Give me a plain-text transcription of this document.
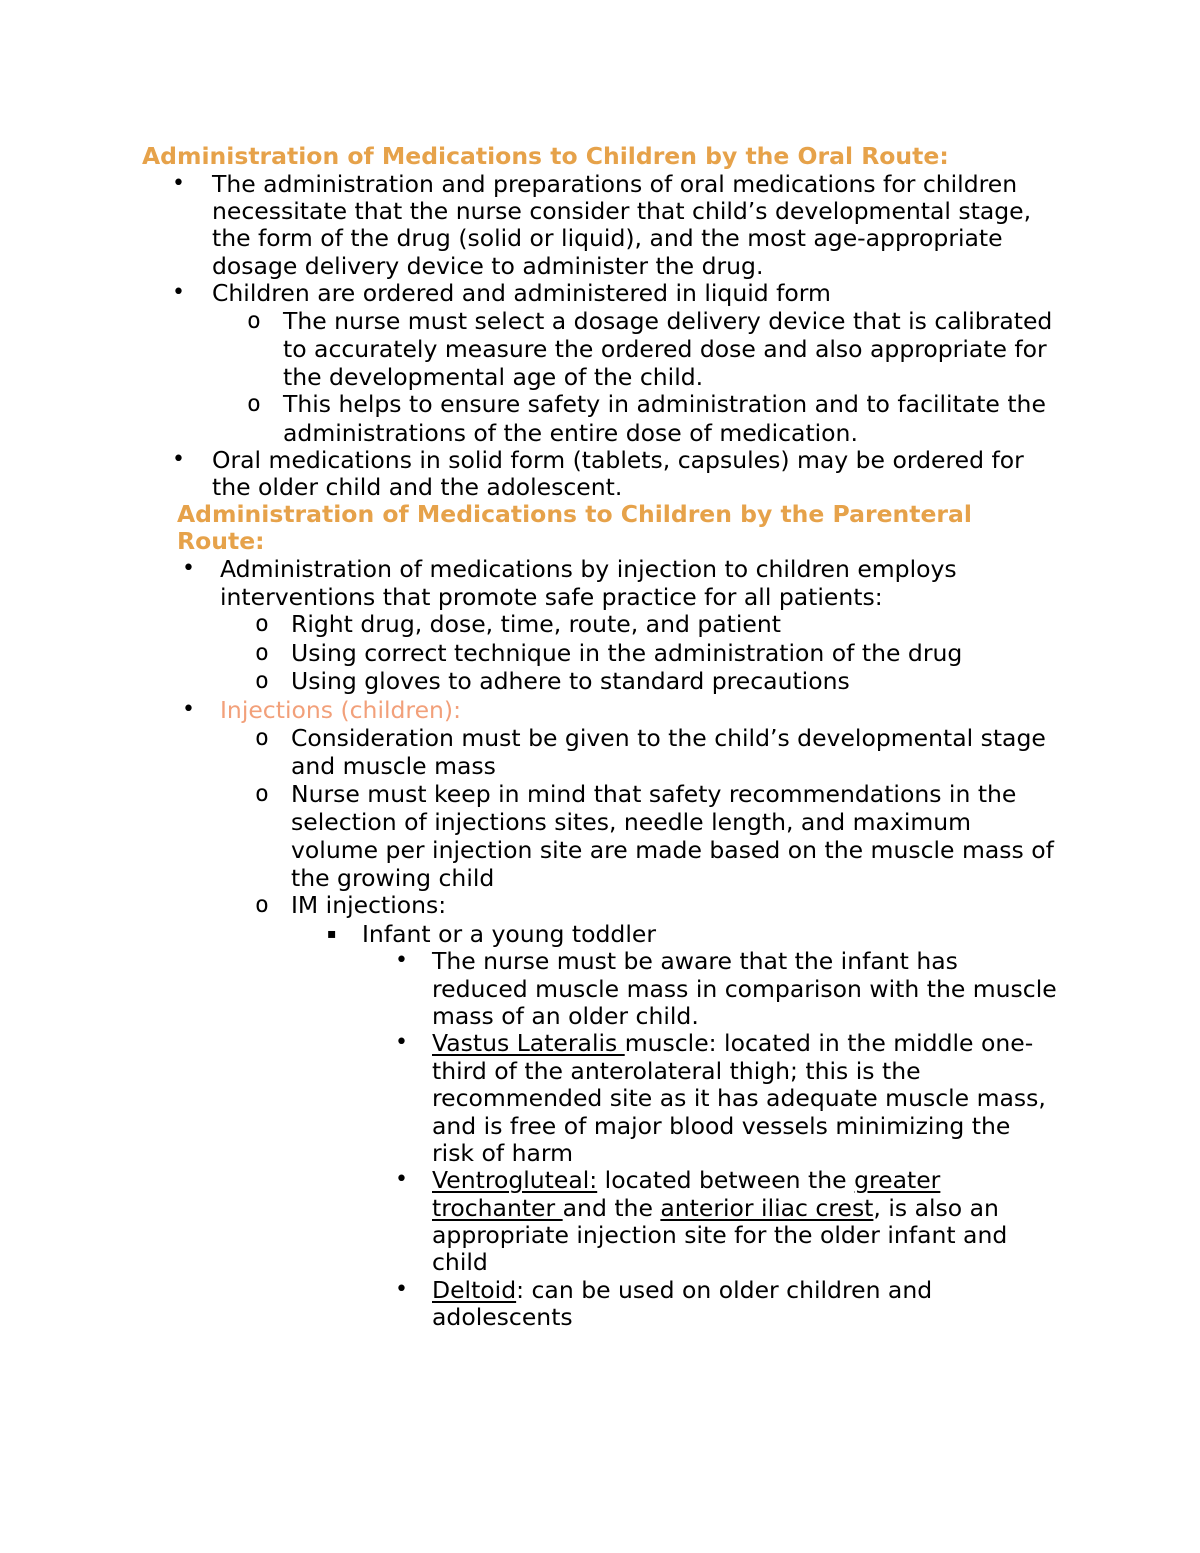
Administration of Medications to Children by the Oral Route:
• The administration and preparations of oral medications for children
necessitate that the nurse consider that child’s developmental stage,
the form of the drug (solid or liquid), and the most age-appropriate
dosage delivery device to administer the drug.
• Children are ordered and administered in liquid form
o The nurse must select a dosage delivery device that is calibrated
to accurately measure the ordered dose and also appropriate for
the developmental age of the child.
o This helps to ensure safety in administration and to facilitate the
administrations of the entire dose of medication.
• Oral medications in solid form (tablets, capsules) may be ordered for
the older child and the adolescent.
Administration of Medications to Children by the Parenteral
Route:
• Administration of medications by injection to children employs
interventions that promote safe practice for all patients:
o Right drug, dose, time, route, and patient
o Using correct technique in the administration of the drug
o Using gloves to adhere to standard precautions
• Injections (children):
o Consideration must be given to the child’s developmental stage
and muscle mass
o Nurse must keep in mind that safety recommendations in the
selection of injections sites, needle length, and maximum
volume per injection site are made based on the muscle mass of
the growing child
o IM injections:
▪ Infant or a young toddler
• The nurse must be aware that the infant has
reduced muscle mass in comparison with the muscle
mass of an older child.
• Vastus Lateralis muscle: located in the middle one-
third of the anterolateral thigh; this is the
recommended site as it has adequate muscle mass,
and is free of major blood vessels minimizing the
risk of harm
• Ventrogluteal: located between the greater
trochanter and the anterior iliac crest, is also an
appropriate injection site for the older infant and
child
• Deltoid: can be used on older children and
adolescents
